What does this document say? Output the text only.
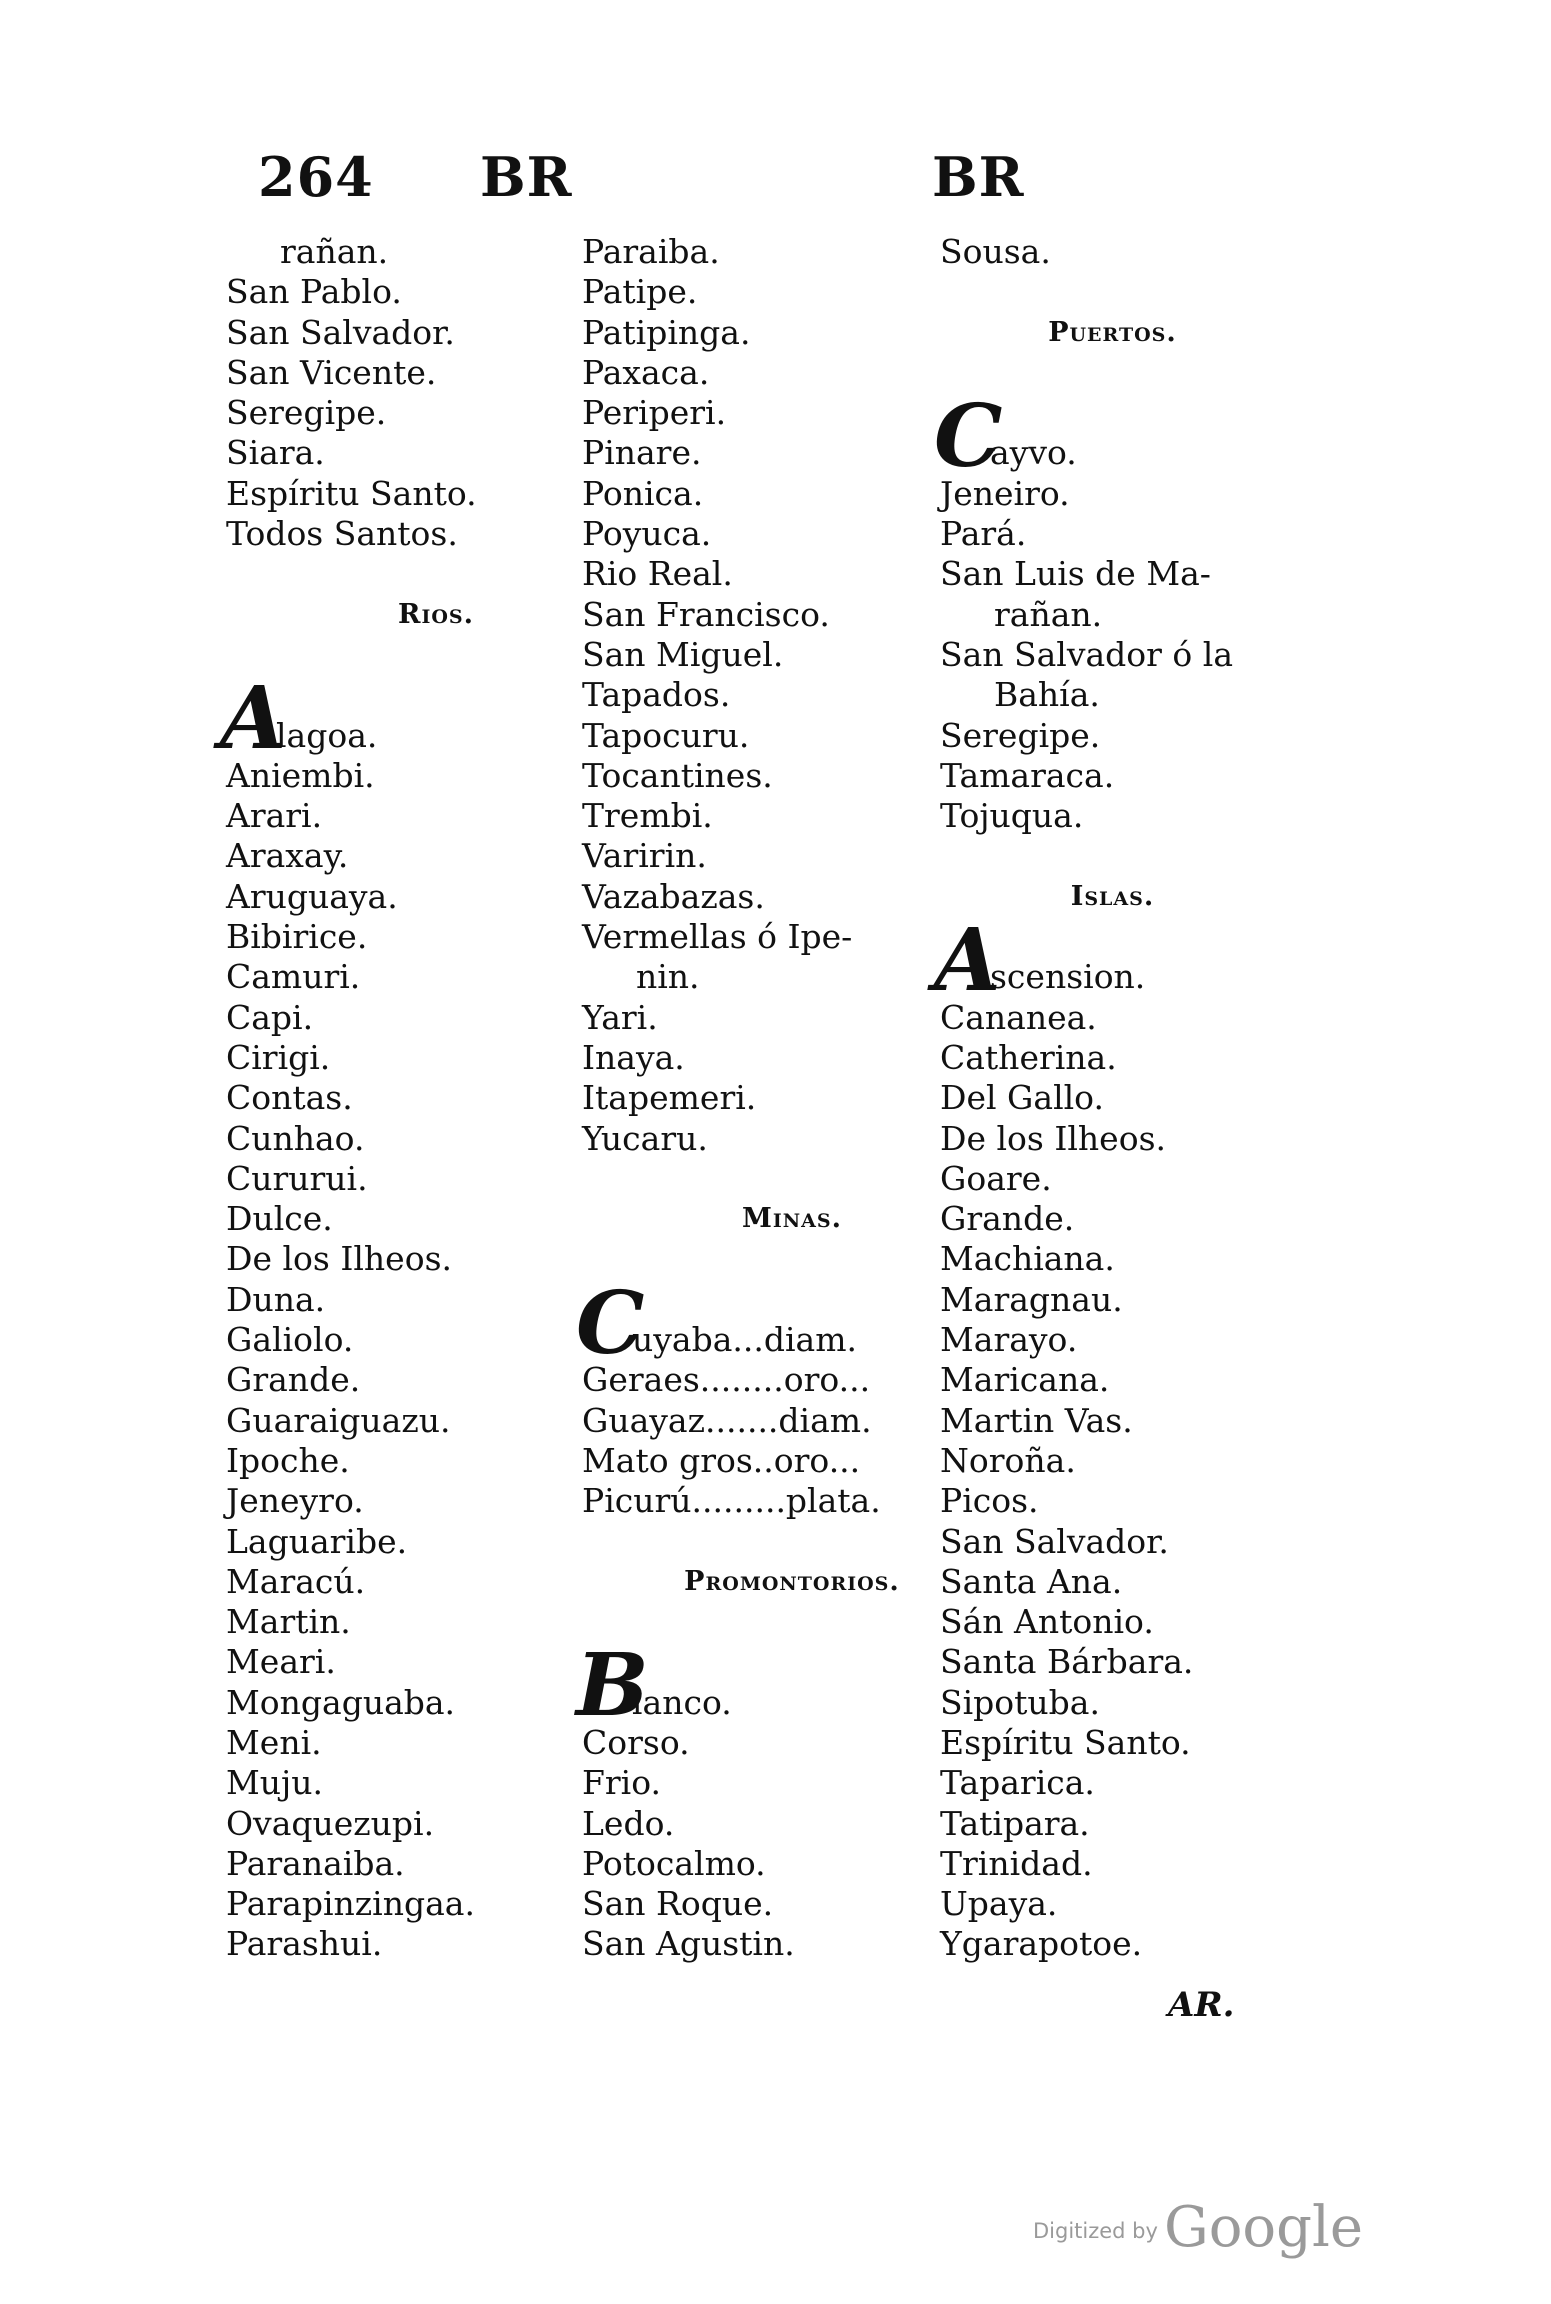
264 BR	BR
rañan.
San Pablo.
San Salvador.
San Vicente.
Seregipe.
Siara.
Espíritu Santo.
Todos Santos.
Rios.
A
lagoa.
Aniembi.
Arari.
Araxay.
Aruguaya.
Bibirice.
Camuri.
Capi.
Cirigi.
Contas.
Cunhao.
Cururui.
Dulce.
De los Ilheos.
Duna.
Galiolo.
Grande.
Guaraiguazu.
Ipoche.
Jeneyro.
Laguaribe.
Maracú.
Martin.
Meari.
Mongaguaba.
Meni.
Muju.
Ovaquezupi.
Paranaiba.
Parapinzingaa.
Parashui.
Paraiba.
Patipe.
Patipinga.
Paxaca.
Periperi.
Pinare.
Ponica.
Poyuca.
Rio Real.
San Francisco.
San Miguel.
Tapados.
Tapocuru.
Tocantines.
Trembi.
Varirin.
Vazabazas.
Vermellas ó Ipe-
nin.
Yari.
Inaya.
Itapemeri.
Yucaru.
Minas.
C
uyaba...diam.
Geraes........oro...
Guayaz.......diam.
Mato gros..oro...
Picurú.........plata.
Promontorios.
B
lanco.
Corso.
Frio.
Ledo.
Potocalmo.
San Roque.
San Agustin.
Sousa.
Puertos.
C
ayvo.
Jeneiro.
Pará.
San Luis de Ma-
rañan.
San Salvador ó la
Bahía.
Seregipe.
Tamaraca.
Tojuqua.
Islas.
A
scension.
Cananea.
Catherina.
Del Gallo.
De los Ilheos.
Goare.
Grande.
Machiana.
Maragnau.
Marayo.
Maricana.
Martin Vas.
Noroña.
Picos.
San Salvador.
Santa Ana.
Sán Antonio.
Santa Bárbara.
Sipotuba.
Espíritu Santo.
Taparica.
Tatipara.
Trinidad.
Upaya.
Ygarapotoe.
AR.
Digitized by Google
